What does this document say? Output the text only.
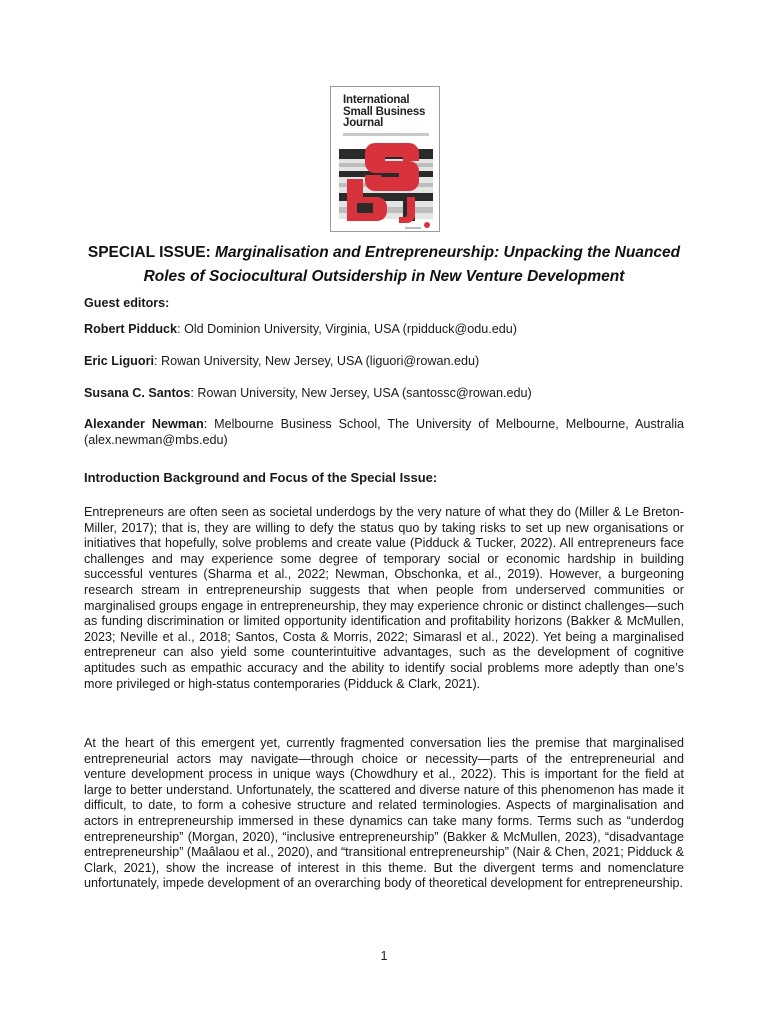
International
Small Business
Journal
SPECIAL ISSUE: Marginalisation and Entrepreneurship: Unpacking the Nuanced Roles of Sociocultural Outsidership in New Venture Development
Guest editors:
Robert Pidduck: Old Dominion University, Virginia, USA (rpidduck@odu.edu)
Eric Liguori: Rowan University, New Jersey, USA (liguori@rowan.edu)
Susana C. Santos: Rowan University, New Jersey, USA (santossc@rowan.edu)
Alexander Newman: Melbourne Business School, The University of Melbourne, Melbourne, Australia (alex.newman@mbs.edu)
Introduction Background and Focus of the Special Issue:
Entrepreneurs are often seen as societal underdogs by the very nature of what they do (Miller & Le Breton-Miller, 2017); that is, they are willing to defy the status quo by taking risks to set up new organisations or initiatives that hopefully, solve problems and create value (Pidduck & Tucker, 2022). All entrepreneurs face challenges and may experience some degree of temporary social or economic hardship in building successful ventures (Sharma et al., 2022; Newman, Obschonka, et al., 2019). However, a burgeoning research stream in entrepreneurship suggests that when people from underserved communities or marginalised groups engage in entrepreneurship, they may experience chronic or distinct challenges—such as funding discrimination or limited opportunity identification and profitability horizons (Bakker & McMullen, 2023; Neville et al., 2018; Santos, Costa & Morris, 2022; Simarasl et al., 2022). Yet being a marginalised entrepreneur can also yield some counterintuitive advantages, such as the development of cognitive aptitudes such as empathic accuracy and the ability to identify social problems more adeptly than one’s more privileged or high-status contemporaries (Pidduck & Clark, 2021).
At the heart of this emergent yet, currently fragmented conversation lies the premise that marginalised entrepreneurial actors may navigate—through choice or necessity—parts of the entrepreneurial and venture development process in unique ways (Chowdhury et al., 2022). This is important for the field at large to better understand. Unfortunately, the scattered and diverse nature of this phenomenon has made it difficult, to date, to form a cohesive structure and related terminologies. Aspects of marginalisation and actors in entrepreneurship immersed in these dynamics can take many forms. Terms such as “underdog entrepreneurship” (Morgan, 2020), “inclusive entrepreneurship” (Bakker & McMullen, 2023), “disadvantage entrepreneurship” (Maâlaou et al., 2020), and “transitional entrepreneurship” (Nair & Chen, 2021; Pidduck & Clark, 2021), show the increase of interest in this theme. But the divergent terms and nomenclature unfortunately, impede development of an overarching body of theoretical development for entrepreneurship.
1
